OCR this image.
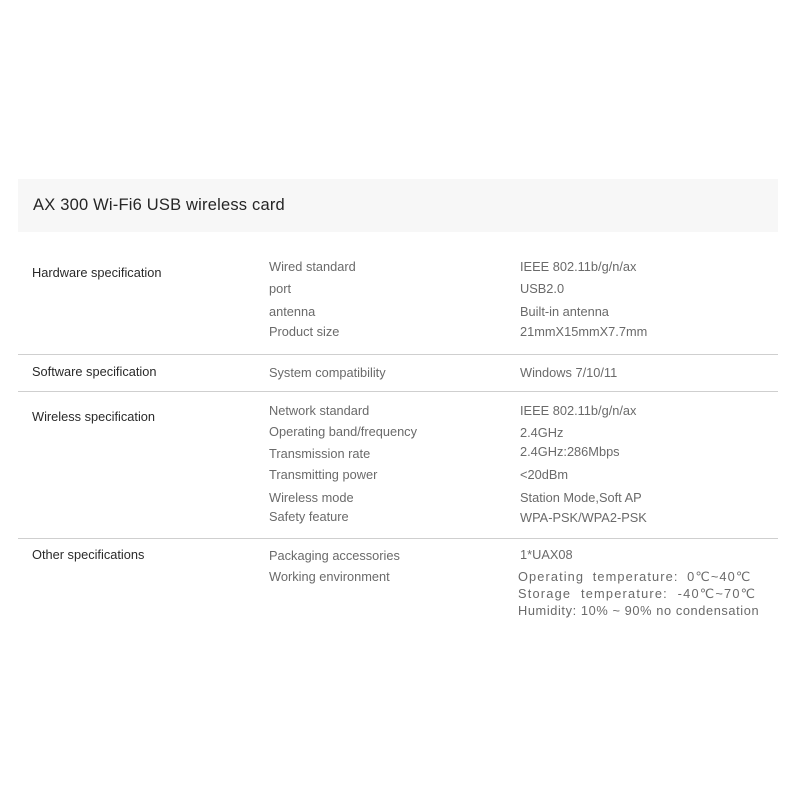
AX 300 Wi-Fi6 USB wireless card
Hardware specification	Wired standard	IEEE 802.11b/g/n/ax
port	USB2.0
antenna	Built-in antenna
Product size	21mmX15mmX7.7mm
Software specification	System compatibility	Windows 7/10/11
Wireless specification	Network standard	IEEE 802.11b/g/n/ax
Operating band/frequency	2.4GHz
Transmission rate	2.4GHz:286Mbps
Transmitting power	<20dBm
Wireless mode	Station Mode,Soft AP
Safety feature	WPA-PSK/WPA2-PSK
Other specifications	Packaging accessories	1*UAX08
Working environment	Operating temperature: 0℃~40℃
Storage temperature: -40℃~70℃
Humidity: 10% ~ 90% no condensation
